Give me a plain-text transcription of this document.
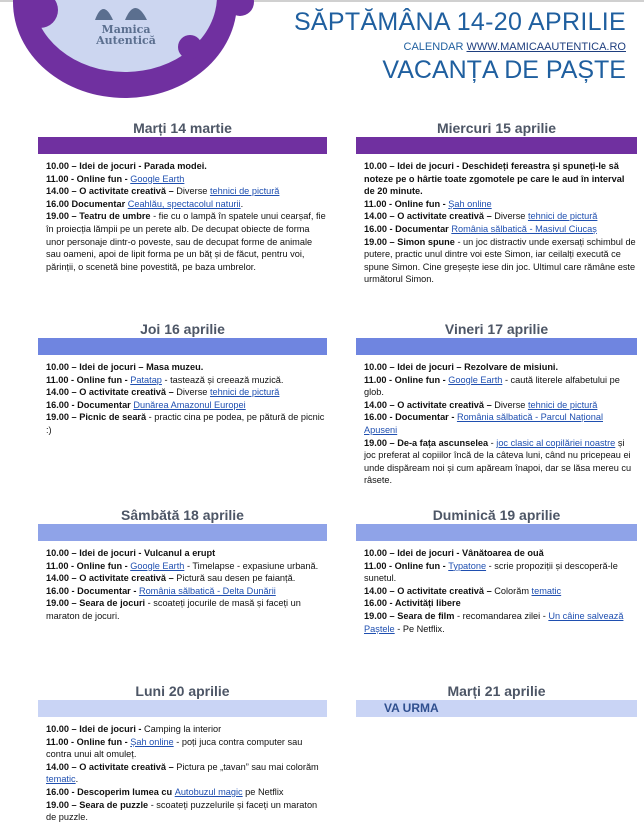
Mamica
Autentică
SĂPTĂMÂNA 14-20 APRILIE
CALENDAR WWW.MAMICAAUTENTICA.RO
VACANȚA DE PAȘTE
Marți 14 martie

10.00 – Idei de jocuri - Parada modei.

11.00 - Online fun - Google Earth

14.00 – O activitate creativă – Diverse tehnici de pictură

16.00 Documentar Ceahlău, spectacolul naturii.

19.00 – Teatru de umbre - fie cu o lampă în spatele unui cearșaf, fie în proiecția lămpii pe un perete alb. De decupat obiecte de forma unor personaje dintr-o poveste, sau de decupat forme de animale sau oameni, apoi de lipit forma pe un băț și de făcut, pentru voi, părinții, o scenetă bine povestită, pe baza umbrelor.

Miercuri 15 aprilie

10.00 – Idei de jocuri - Deschideți fereastra și spuneți-le să noteze pe o hârtie toate zgomotele pe care le aud în interval de 20 minute.

11.00 - Online fun - Șah online

14.00 – O activitate creativă – Diverse tehnici de pictură

16.00 - Documentar România sălbatică - Masivul Ciucaș

19.00 – Simon spune - un joc distractiv unde exersați schimbul de putere, practic unul dintre voi este Simon, iar ceilalți execută ce spune Simon. Cine greșește iese din joc. Ultimul care rămâne este următorul Simon.

Joi 16 aprilie

10.00 – Idei de jocuri – Masa muzeu.

11.00 - Online fun - Patatap - tastează și creează muzică.

14.00 – O activitate creativă – Diverse tehnici de pictură

16.00 - Documentar Dunărea Amazonul Europei

19.00 – Picnic de seară - practic cina pe podea, pe pătură de picnic :)

Vineri 17 aprilie

10.00 – Idei de jocuri – Rezolvare de misiuni.

11.00 - Online fun - Google Earth - caută literele alfabetului pe glob.

14.00 – O activitate creativă – Diverse tehnici de pictură

16.00 - Documentar - România sălbatică - Parcul Național Apuseni

19.00 – De-a fața ascunselea - joc clasic al copilăriei noastre și joc preferat al copiilor încă de la câteva luni, când nu pricepeau ei unde dispăream noi și cum apăream înapoi, dar se lăsa mereu cu râsete.

Sâmbătă 18 aprilie

10.00 – Idei de jocuri - Vulcanul a erupt

11.00 - Online fun - Google Earth - Timelapse - expasiune urbană.

14.00 – O activitate creativă – Pictură sau desen pe faianță.

16.00 - Documentar - România sălbatică - Delta Dunării

19.00 – Seara de jocuri - scoateți jocurile de masă și faceți un maraton de jocuri.

Duminică 19 aprilie

10.00 – Idei de jocuri - Vânătoarea de ouă

11.00 - Online fun - Typatone - scrie propoziții și descoperă-le sunetul.

14.00 – O activitate creativă – Colorăm tematic

16.00 - Activități libere

19.00 – Seara de film - recomandarea zilei - Un câine salvează Paștele - Pe Netflix.

Luni 20 aprilie

10.00 – Idei de jocuri - Camping la interior

11.00 - Online fun - Șah online - poți juca contra computer sau contra unui alt omuleț.

14.00 – O activitate creativă – Pictura pe „tavan” sau mai colorăm tematic.

16.00 - Descoperim lumea cu Autobuzul magic pe Netflix

19.00 – Seara de puzzle - scoateți puzzelurile și faceți un maraton de puzzle.

Marți 21 aprilie
VA URMA
